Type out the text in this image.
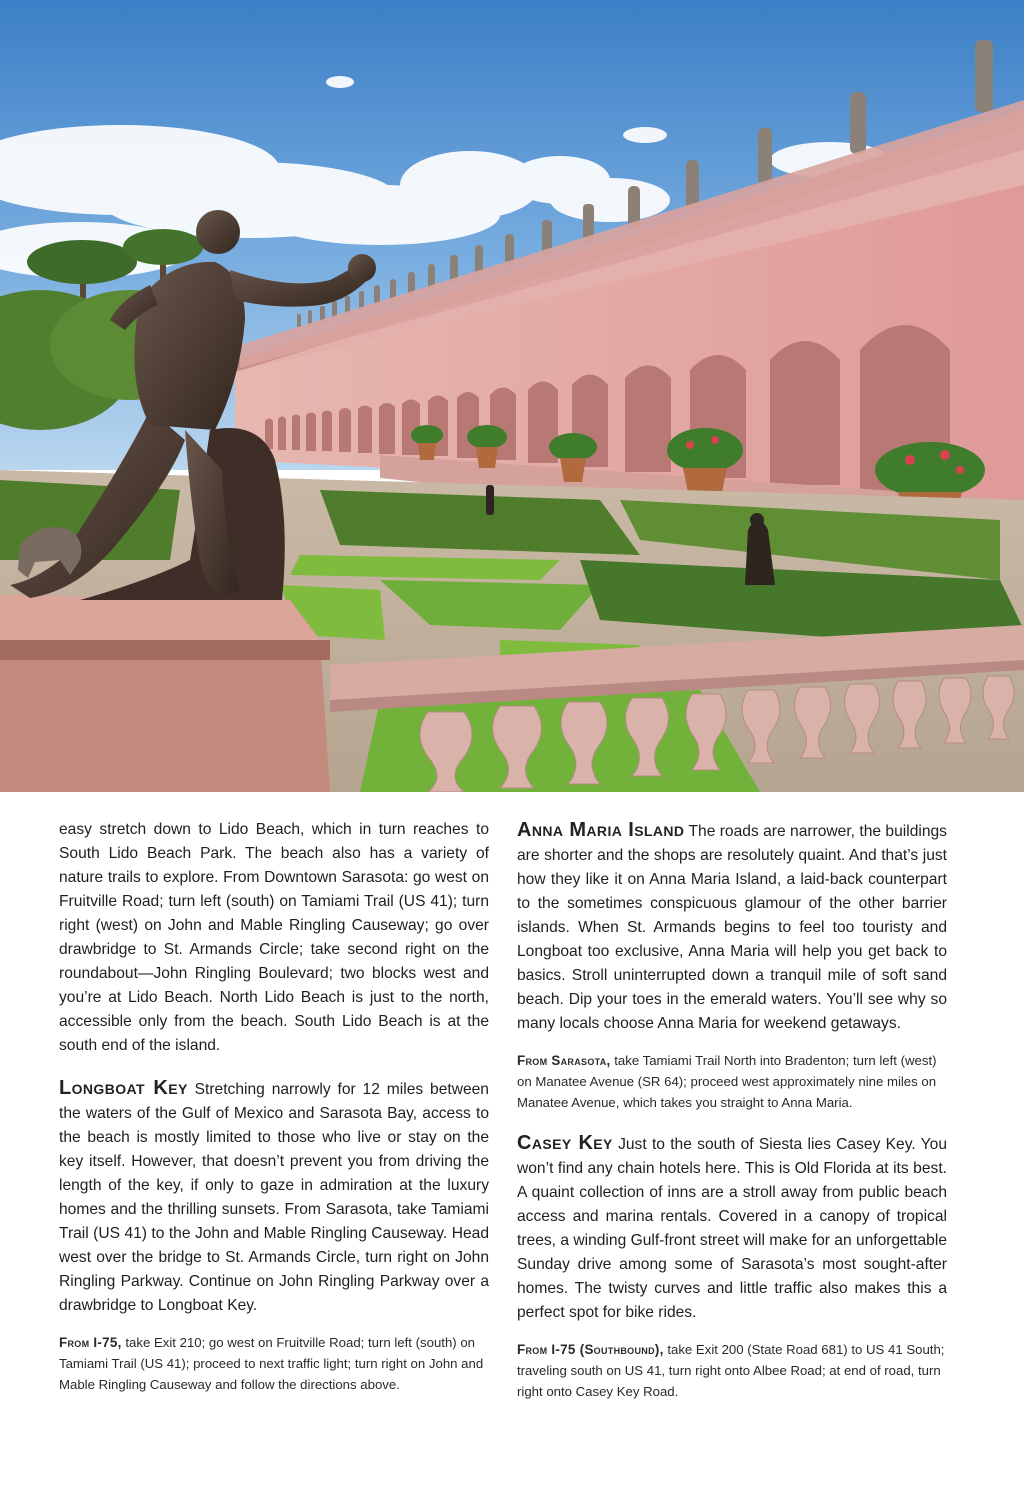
easy stretch down to Lido Beach, which in turn reaches to South Lido Beach Park. The beach also has a variety of nature trails to explore. From Downtown Sarasota: go west on Fruitville Road; turn left (south) on Tamiami Trail (US 41); turn right (west) on John and Mable Ringling Causeway; go over drawbridge to St. Armands Circle; take second right on the roundabout—John Ringling Boulevard; two blocks west and you’re at Lido Beach. North Lido Beach is just to the north, accessible only from the beach. South Lido Beach is at the south end of the island.

Longboat Key Stretching narrowly for 12 miles between the waters of the Gulf of Mexico and Sarasota Bay, access to the beach is mostly limited to those who live or stay on the key itself. However, that doesn’t prevent you from driving the length of the key, if only to gaze in admiration at the luxury homes and the thrilling sunsets. From Sarasota, take Tamiami Trail (US 41) to the John and Mable Ringling Causeway. Head west over the bridge to St. Armands Circle, turn right on John Ringling Parkway. Continue on John Ringling Parkway over a drawbridge to Longboat Key.

From I-75, take Exit 210; go west on Fruitville Road; turn left (south) on Tamiami Trail (US 41); proceed to next traffic light; turn right on John and Mable Ringling Causeway and follow the directions above.

Anna Maria Island The roads are narrower, the buildings are shorter and the shops are resolutely quaint. And that’s just how they like it on Anna Maria Island, a laid-back counterpart to the sometimes conspicuous glamour of the other barrier islands. When St. Armands begins to feel too touristy and Longboat too exclusive, Anna Maria will help you get back to basics. Stroll uninterrupted down a tranquil mile of soft sand beach. Dip your toes in the emerald waters. You’ll see why so many locals choose Anna Maria for weekend getaways.

From Sarasota, take Tamiami Trail North into Bradenton; turn left (west) on Manatee Avenue (SR 64); proceed west approximately nine miles on Manatee Avenue, which takes you straight to Anna Maria.

Casey Key Just to the south of Siesta lies Casey Key. You won’t find any chain hotels here. This is Old Florida at its best. A quaint collection of inns are a stroll away from public beach access and marina rentals. Covered in a canopy of tropical trees, a winding Gulf-front street will make for an unforgettable Sunday drive among some of Sarasota’s most sought-after homes. The twisty curves and little traffic also makes this a perfect spot for bike rides.

From I-75 (Southbound), take Exit 200 (State Road 681) to US 41 South; traveling south on US 41, turn right onto Albee Road; at end of road, turn right onto Casey Key Road.
